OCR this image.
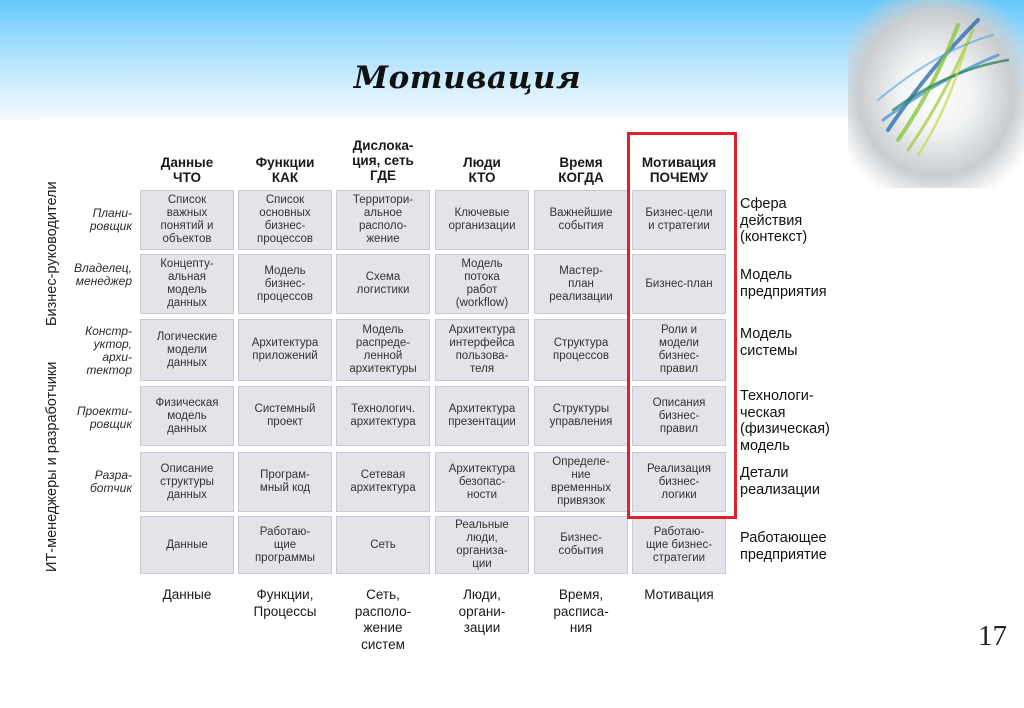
Мотивация
Бизнес-руководители
ИТ-менеджеры и разработчики
Данные
ЧТО
Данные
Функции
КАК
Функции,
Процессы
Дислока-
ция, сеть
ГДЕ
Сеть,
располо-
жение
систем
Люди
КТО
Люди,
органи-
зации
Время
КОГДА
Время,
расписа-
ния
Мотивация
ПОЧЕМУ
Мотивация
Плани-
ровщик
Сфера
действия
(контекст)
Список
важных
понятий и
объектов
Список
основных
бизнес-
процессов
Территори-
альное
располо-
жение
Ключевые
организации
Важнейшие
события
Бизнес-цели
и стратегии
Владелец,
менеджер	Модель
предприятия
Концепту-
альная
модель
данных
Модель
бизнес-
процессов
Схема
логистики
Модель
потока
работ
(workflow)
Мастер-
план
реализации
Бизнес-план
Констр-
уктор,
архи-
тектор
Модель
системы
Логические
модели
данных
Архитектура
приложений
Модель
распреде-
ленной
архитектуры
Архитектура
интерфейса
пользова-
теля
Структура
процессов
Роли и
модели
бизнес-
правил
Проекти-
ровщик
Технологи-
ческая
(физическая)
модель
Физическая
модель
данных
Системный
проект
Технологич.
архитектура
Архитектура
презентации
Структуры
управления
Описания
бизнес-
правил
Разра-
ботчик
Детали
реализации
Описание
структуры
данных
Програм-
мный код
Сетевая
архитектура
Архитектура
безопас-
ности
Определе-
ние
временных
привязок
Реализация
бизнес-
логики
Работающее
предприятие
Данные
Работаю-
щие
программы
Сеть
Реальные
люди,
организа-
ции
Бизнес-
события
Работаю-
щие бизнес-
стратегии
17
